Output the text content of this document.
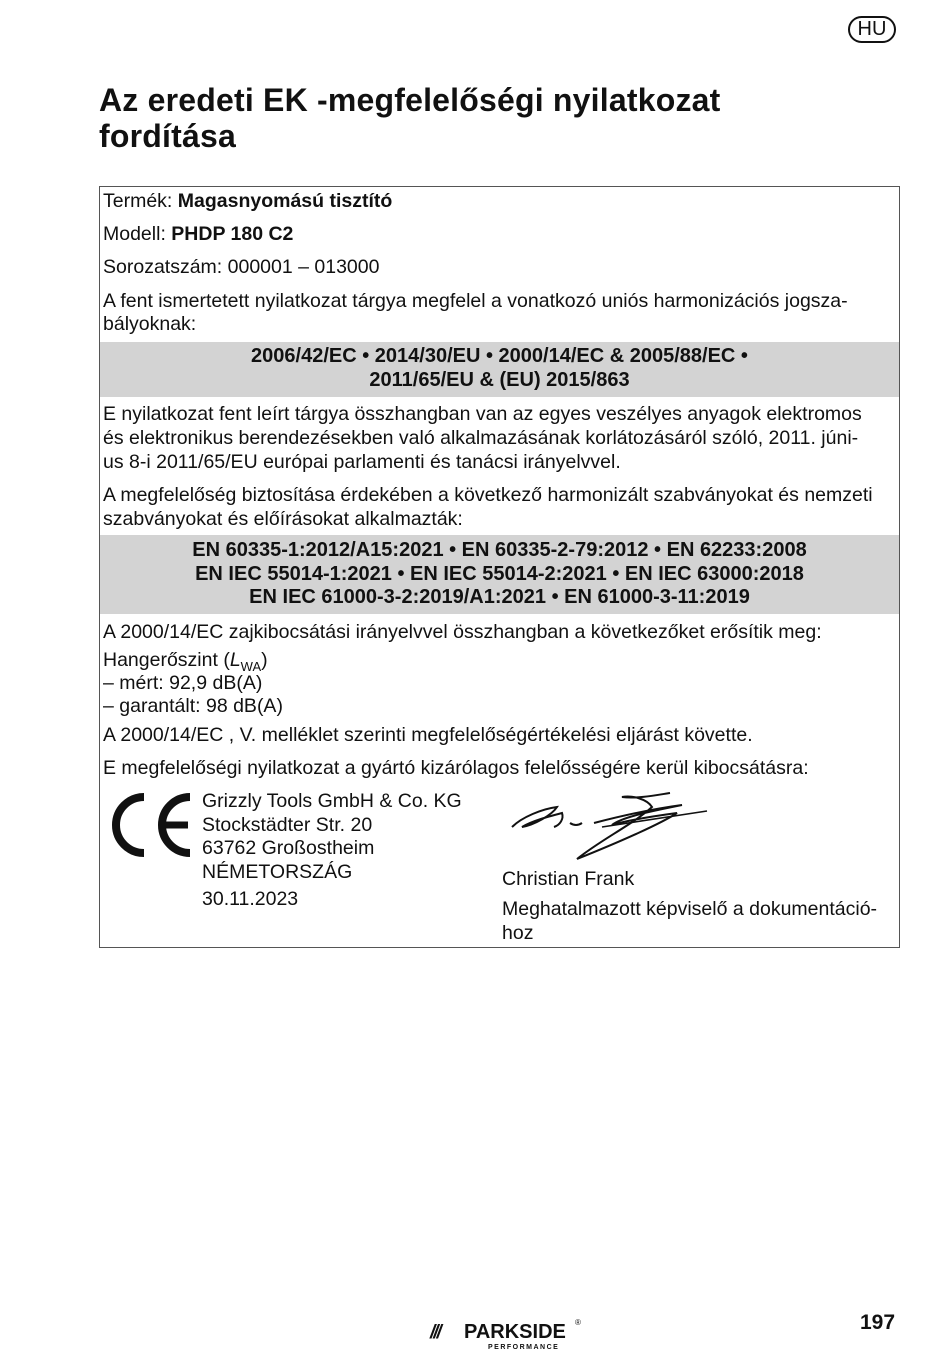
HU
Az eredeti EK -megfelelőségi nyilatkozat
fordítása
Termék: Magasnyomású tisztító
Modell: PHDP 180 C2
Sorozatszám: 000001 – 013000
A fent ismertetett nyilatkozat tárgya megfelel a vonatkozó uniós harmonizációs jogsza-
bályoknak:
2006/42/EC • 2014/30/EU • 2000/14/EC & 2005/88/EC •
2011/65/EU & (EU) 2015/863
E nyilatkozat fent leírt tárgya összhangban van az egyes veszélyes anyagok elektromos
és elektronikus berendezésekben való alkalmazásának korlátozásáról szóló, 2011. júni-
us 8-i 2011/65/EU európai parlamenti és tanácsi irányelvvel.
A megfelelőség biztosítása érdekében a következő harmonizált szabványokat és nemzeti
szabványokat és előírásokat alkalmazták:
EN 60335-1:2012/A15:2021 • EN 60335-2-79:2012 • EN 62233:2008
EN IEC 55014-1:2021 • EN IEC 55014-2:2021 • EN IEC 63000:2018
EN IEC 61000-3-2:2019/A1:2021 • EN 61000-3-11:2019
A 2000/14/EC zajkibocsátási irányelvvel összhangban a következőket erősítik meg:
Hangerőszint $(L_{WA})$
– mért: 92,9 dB(A)
– garantált: 98 dB(A)
A 2000/14/EC , V. melléklet szerinti megfelelőségértékelési eljárást követte.
E megfelelőségi nyilatkozat a gyártó kizárólagos felelősségére kerül kibocsátásra:
Grizzly Tools GmbH & Co. KG
Stockstädter Str. 20
63762 Großostheim
NÉMETORSZÁG
30.11.2023
Christian Frank
Meghatalmazott képviselő a dokumentáció-
hoz
/// PARKSIDE ®
PERFORMANCE
197
